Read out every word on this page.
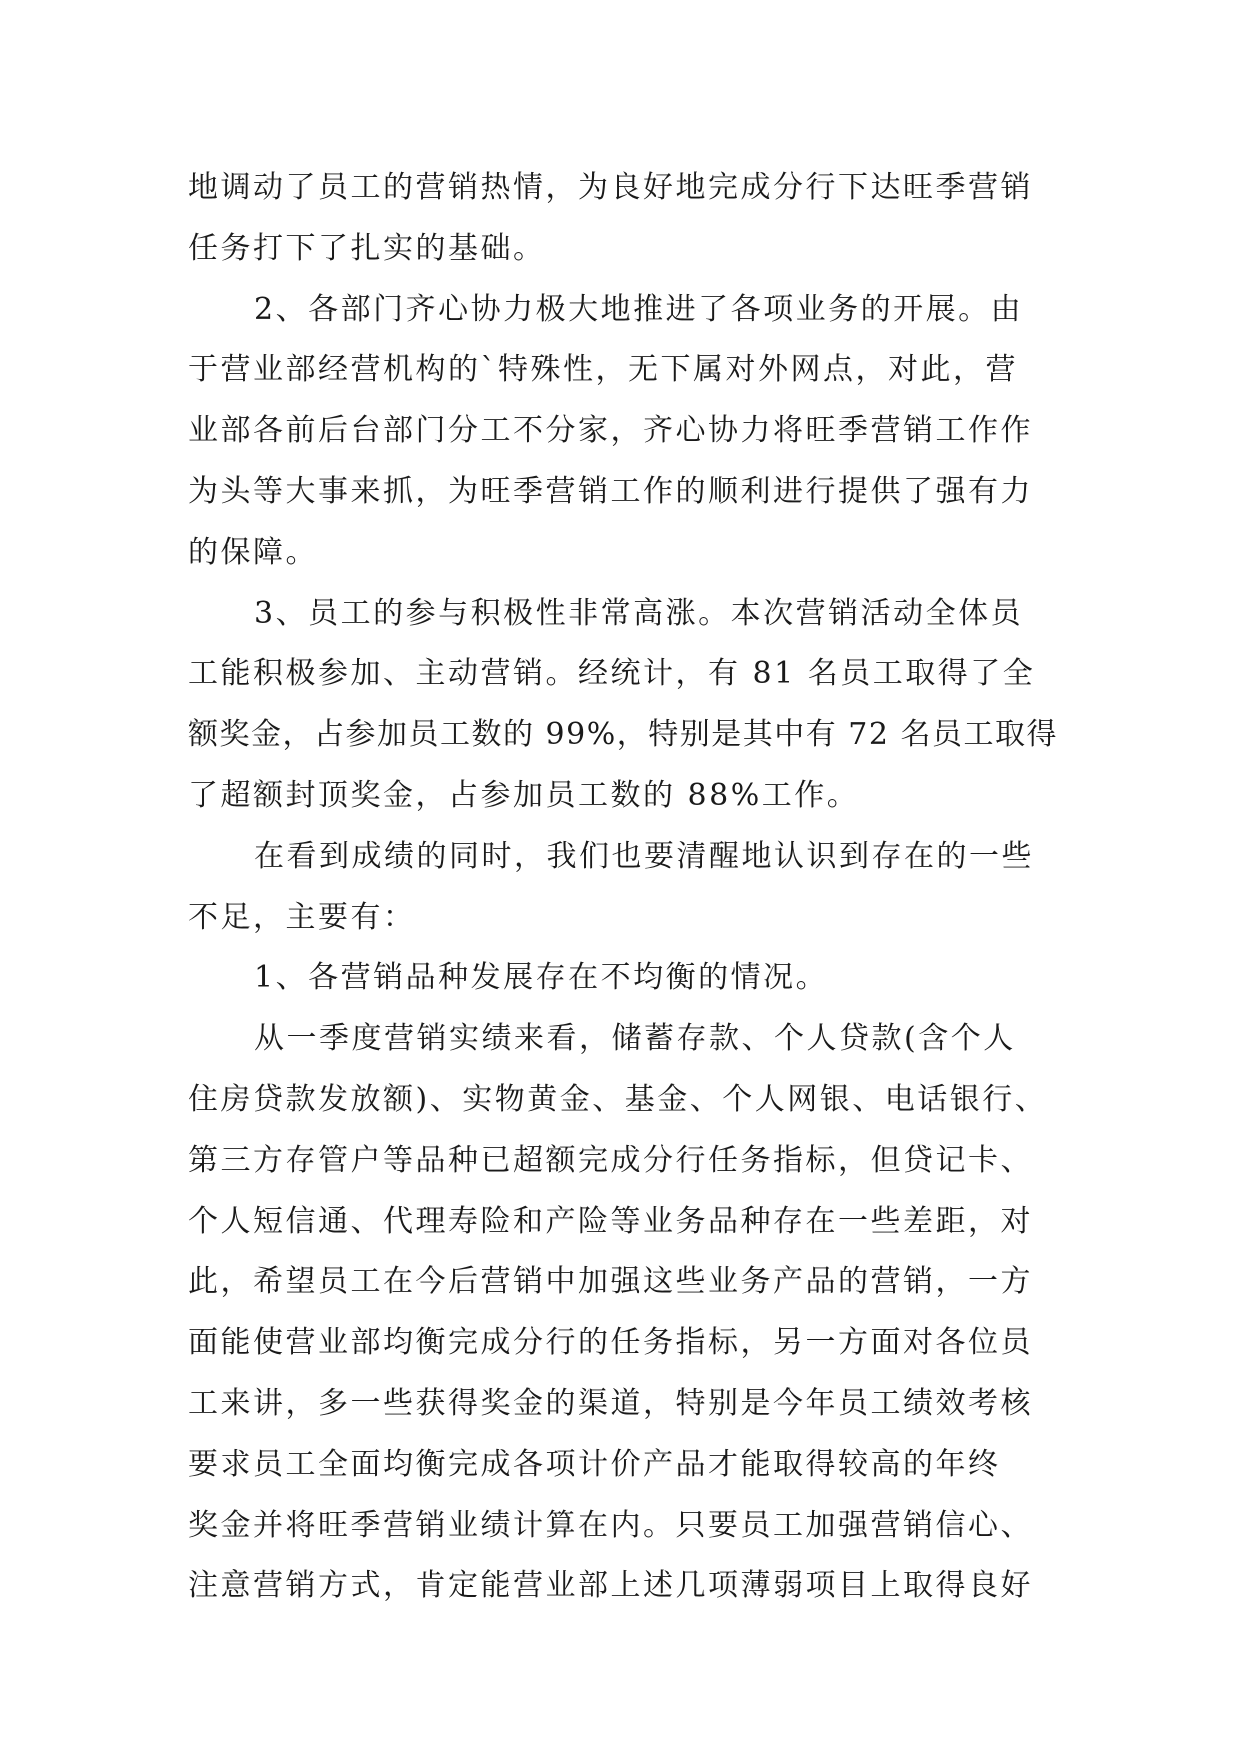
地调动了员工的营销热情，为良好地完成分行下达旺季营销
任务打下了扎实的基础。
2、各部门齐心协力极大地推进了各项业务的开展。由
于营业部经营机构的`特殊性，无下属对外网点，对此，营
业部各前后台部门分工不分家，齐心协力将旺季营销工作作
为头等大事来抓，为旺季营销工作的顺利进行提供了强有力
的保障。
3、员工的参与积极性非常高涨。本次营销活动全体员
工能积极参加、主动营销。经统计，有 81 名员工取得了全
额奖金，占参加员工数的 99%，特别是其中有 72 名员工取得
了超额封顶奖金，占参加员工数的 88%工作。
在看到成绩的同时，我们也要清醒地认识到存在的一些
不足，主要有：
1、各营销品种发展存在不均衡的情况。
从一季度营销实绩来看，储蓄存款、个人贷款(含个人
住房贷款发放额)、实物黄金、基金、个人网银、电话银行、
第三方存管户等品种已超额完成分行任务指标，但贷记卡、
个人短信通、代理寿险和产险等业务品种存在一些差距，对
此，希望员工在今后营销中加强这些业务产品的营销，一方
面能使营业部均衡完成分行的任务指标，另一方面对各位员
工来讲，多一些获得奖金的渠道，特别是今年员工绩效考核
要求员工全面均衡完成各项计价产品才能取得较高的年终
奖金并将旺季营销业绩计算在内。只要员工加强营销信心、
注意营销方式，肯定能营业部上述几项薄弱项目上取得良好
